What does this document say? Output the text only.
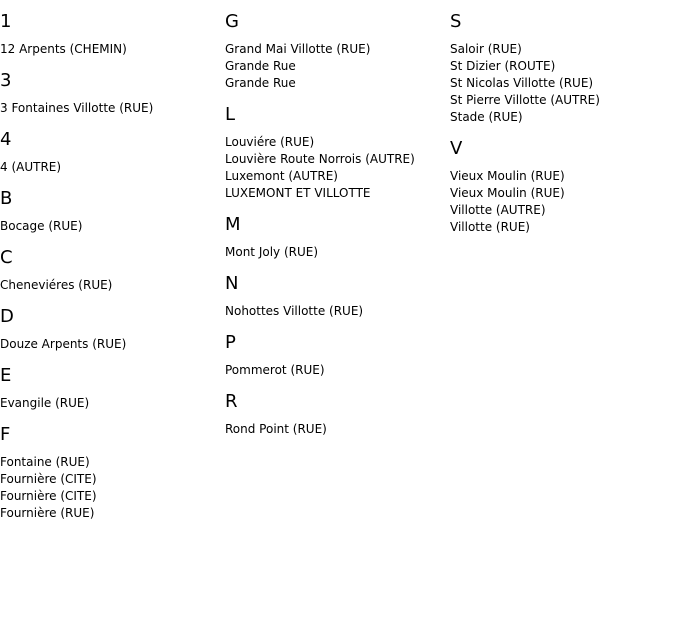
1
12 Arpents (CHEMIN)
3
3 Fontaines Villotte (RUE)
4
4 (AUTRE)
B
Bocage (RUE)
C
Cheneviéres (RUE)
D
Douze Arpents (RUE)
E
Evangile (RUE)
F
Fontaine (RUE)
Fournière (CITE)
Fournière (CITE)
Fournière (RUE)
G
Grand Mai Villotte (RUE)
Grande Rue
Grande Rue
L
Louviére (RUE)
Louvière Route Norrois (AUTRE)
Luxemont (AUTRE)
LUXEMONT ET VILLOTTE
M
Mont Joly (RUE)
N
Nohottes Villotte (RUE)
P
Pommerot (RUE)
R
Rond Point (RUE)
S
Saloir (RUE)
St Dizier (ROUTE)
St Nicolas Villotte (RUE)
St Pierre Villotte (AUTRE)
Stade (RUE)
V
Vieux Moulin (RUE)
Vieux Moulin (RUE)
Villotte (AUTRE)
Villotte (RUE)
